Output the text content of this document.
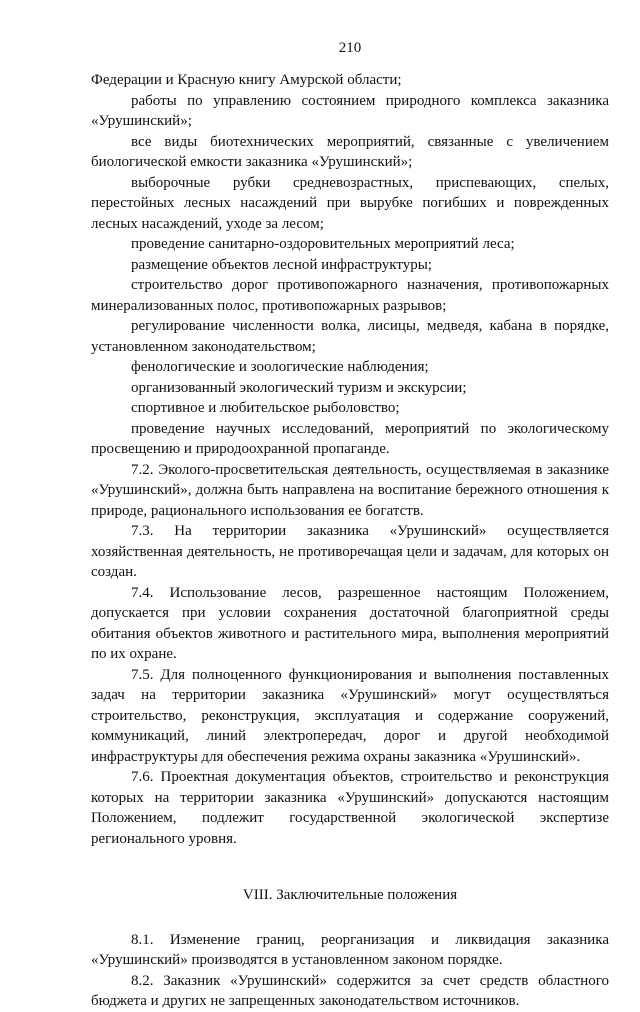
210

Федерации и Красную книгу Амурской области;

работы по управлению состоянием природного комплекса заказника «Урушинский»;

все виды биотехнических мероприятий, связанные с увеличением биологической емкости заказника «Урушинский»;

выборочные рубки средневозрастных, приспевающих, спелых, перестойных лесных насаждений при вырубке погибших и поврежденных лесных насаждений, уходе за лесом;

проведение санитарно-оздоровительных мероприятий леса;

размещение объектов лесной инфраструктуры;

строительство дорог противопожарного назначения, противопожарных минерализованных полос, противопожарных разрывов;

регулирование численности волка, лисицы, медведя, кабана в порядке, установленном законодательством;

фенологические и зоологические наблюдения;

организованный экологический туризм и экскурсии;

спортивное и любительское рыболовство;

проведение научных исследований, мероприятий по экологическому просвещению и природоохранной пропаганде.

7.2. Эколого-просветительская деятельность, осуществляемая в заказнике «Урушинский», должна быть направлена на воспитание бережного отношения к природе, рационального использования ее богатств.

7.3. На территории заказника «Урушинский» осуществляется хозяйственная деятельность, не противоречащая цели и задачам, для которых он создан.

7.4. Использование лесов, разрешенное настоящим Положением, допускается при условии сохранения достаточной благоприятной среды обитания объектов животного и растительного мира, выполнения мероприятий по их охране.

7.5. Для полноценного функционирования и выполнения поставленных задач на территории заказника «Урушинский» могут осуществляться строительство, реконструкция, эксплуатация и содержание сооружений, коммуникаций, линий электропередач, дорог и другой необходимой инфраструктуры для обеспечения режима охраны заказника «Урушинский».

7.6. Проектная документация объектов, строительство и реконструкция которых на территории заказника «Урушинский» допускаются настоящим Положением, подлежит государственной экологической экспертизе регионального уровня.

VIII. Заключительные положения

8.1. Изменение границ, реорганизация и ликвидация заказника «Урушинский» производятся в установленном законом порядке.

8.2. Заказник «Урушинский» содержится за счет средств областного бюджета и других не запрещенных законодательством источников.
